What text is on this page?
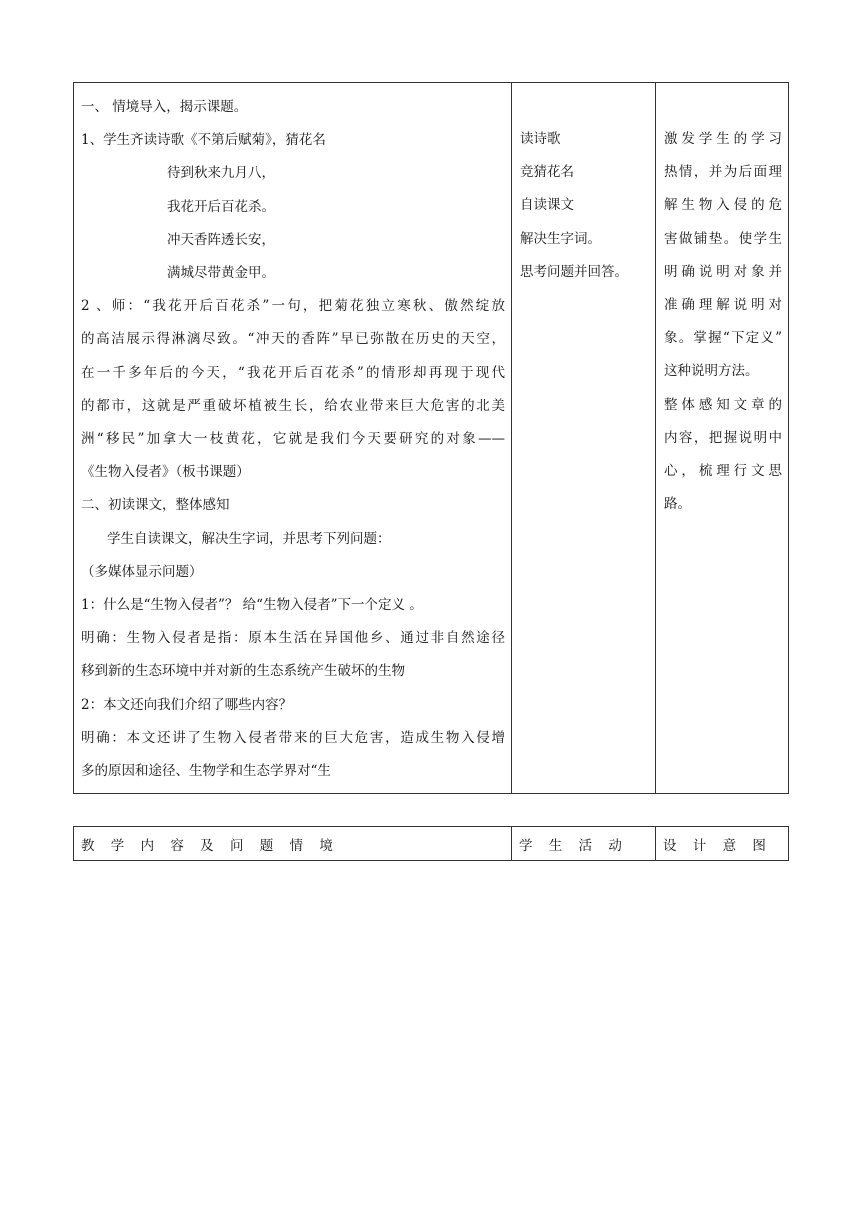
一、 情境导入，揭示课题。
1、学生齐读诗歌《不第后赋菊》，猜花名
待到秋来九月八，
我花开后百花杀。
冲天香阵透长安，
满城尽带黄金甲。
2 、师：“我花开后百花杀”一句，把菊花独立寒秋、傲然绽放
的高洁展示得淋漓尽致。“冲天的香阵”早已弥散在历史的天空，
在一千多年后的今天，“我花开后百花杀”的情形却再现于现代
的都市，这就是严重破坏植被生长，给农业带来巨大危害的北美
洲“移民”加拿大一枝黄花，它就是我们今天要研究的对象——
《生物入侵者》（板书课题）
二、初读课文，整体感知
学生自读课文，解决生字词，并思考下列问题：
（多媒体显示问题）
1：什么是“生物入侵者”？ 给“生物入侵者”下一个定义 。
明确：生物入侵者是指：原本生活在异国他乡、通过非自然途径
移到新的生态环境中并对新的生态系统产生破坏的生物
2：本文还向我们介绍了哪些内容？
明确：本文还讲了生物入侵者带来的巨大危害，造成生物入侵增
多的原因和途径、生物学和生态学界对“生

读诗歌
竞猜花名
自读课文
解决生字词。
思考问题并回答。

激发学生的学习
热情，并为后面理
解生物入侵的危
害做铺垫。使学生
明确说明对象并
准确理解说明对
象。掌握“下定义”
这种说明方法。
整体感知文章的
内容，把握说明中
心，梳理行文思
路。
教 学 内 容 及 问 题 情 境	学 生 活 动	设 计 意 图
